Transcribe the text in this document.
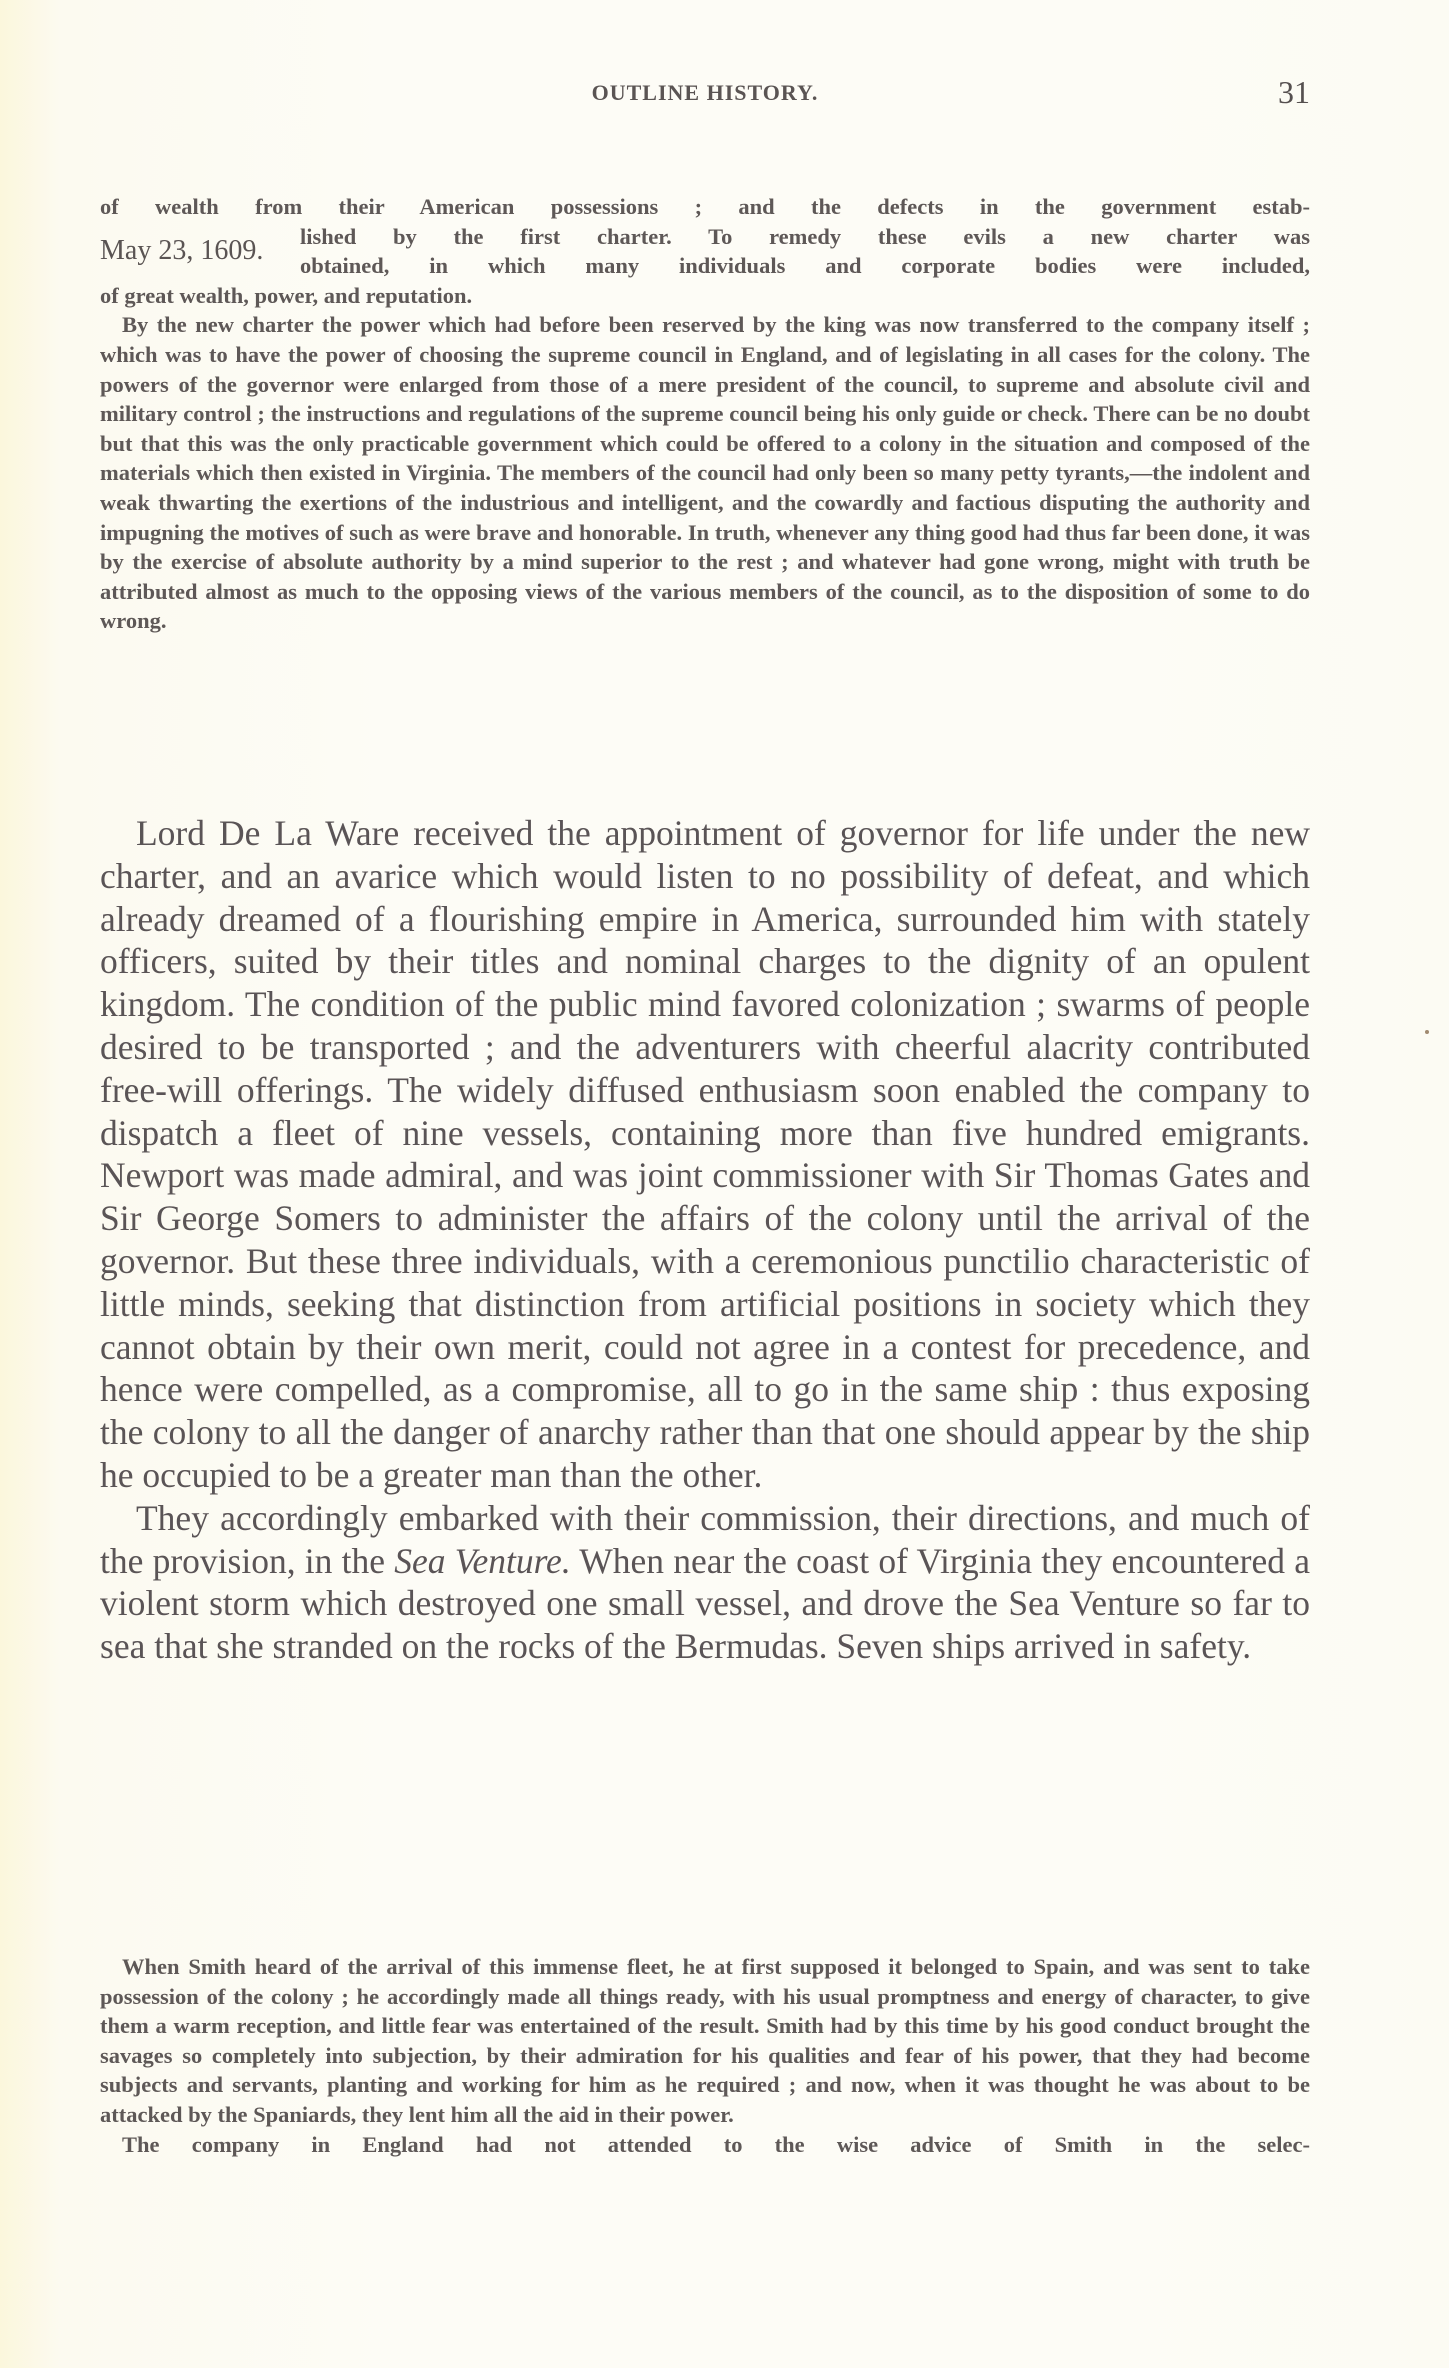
OUTLINE HISTORY.	31

of wealth from their American possessions ; and the defects in the government estab-

May 23, 1609.	lished by the first charter. To remedy these evils a new charter was

obtained, in which many individuals and corporate bodies were included,

of great wealth, power, and reputation.

By the new charter the power which had before been reserved by the king was now transferred to the company itself ; which was to have the power of choosing the supreme council in England, and of legislating in all cases for the colony. The powers of the governor were enlarged from those of a mere president of the council, to supreme and absolute civil and military control ; the instructions and regulations of the supreme council being his only guide or check. There can be no doubt but that this was the only practicable government which could be offered to a colony in the situation and composed of the materials which then existed in Virginia. The members of the council had only been so many petty tyrants,—the indolent and weak thwarting the exertions of the industrious and intelligent, and the cowardly and factious disputing the authority and impugning the motives of such as were brave and honorable. In truth, whenever any thing good had thus far been done, it was by the exercise of absolute authority by a mind superior to the rest ; and whatever had gone wrong, might with truth be attributed almost as much to the opposing views of the various members of the council, as to the disposition of some to do wrong.

Lord De La Ware received the appointment of governor for life under the new charter, and an avarice which would listen to no possibility of defeat, and which already dreamed of a flourishing empire in America, surrounded him with stately officers, suited by their titles and nominal charges to the dignity of an opulent kingdom. The condition of the public mind favored colonization ; swarms of people desired to be transported ; and the adventurers with cheerful alacrity contributed free-will offerings. The widely diffused enthusiasm soon enabled the company to dispatch a fleet of nine vessels, containing more than five hundred emigrants. Newport was made admiral, and was joint commissioner with Sir Thomas Gates and Sir George Somers to administer the affairs of the colony until the arrival of the governor. But these three individuals, with a ceremonious punctilio characteristic of little minds, seeking that distinction from artificial positions in society which they cannot obtain by their own merit, could not agree in a contest for precedence, and hence were compelled, as a compromise, all to go in the same ship : thus exposing the colony to all the danger of anarchy rather than that one should appear by the ship he occupied to be a greater man than the other.

They accordingly embarked with their commission, their directions, and much of the provision, in the Sea Venture. When near the coast of Virginia they encountered a violent storm which destroyed one small vessel, and drove the Sea Venture so far to sea that she stranded on the rocks of the Bermudas. Seven ships arrived in safety.

When Smith heard of the arrival of this immense fleet, he at first supposed it belonged to Spain, and was sent to take possession of the colony ; he accordingly made all things ready, with his usual promptness and energy of character, to give them a warm reception, and little fear was entertained of the result. Smith had by this time by his good conduct brought the savages so completely into subjection, by their admiration for his qualities and fear of his power, that they had become subjects and servants, planting and working for him as he required ; and now, when it was thought he was about to be attacked by the Spaniards, they lent him all the aid in their power.

The company in England had not attended to the wise advice of Smith in the selec-
